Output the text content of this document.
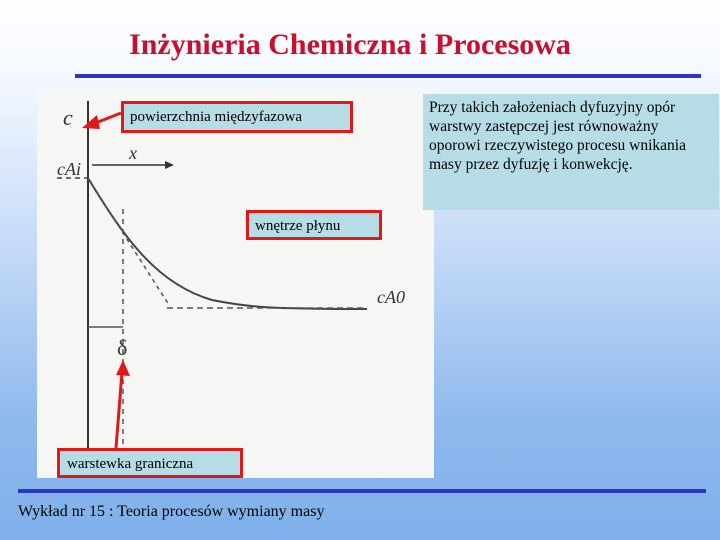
Inżynieria Chemiczna i Procesowa
c
cAi
x
cA0
δ
powierzchnia międzyfazowa
wnętrze płynu
warstewka graniczna
Przy takich założeniach dyfuzyjny opór warstwy zastępczej jest równoważny oporowi rzeczywistego procesu wnikania masy przez dyfuzję i konwekcję.
Wykład nr 15 : Teoria procesów wymiany masy
